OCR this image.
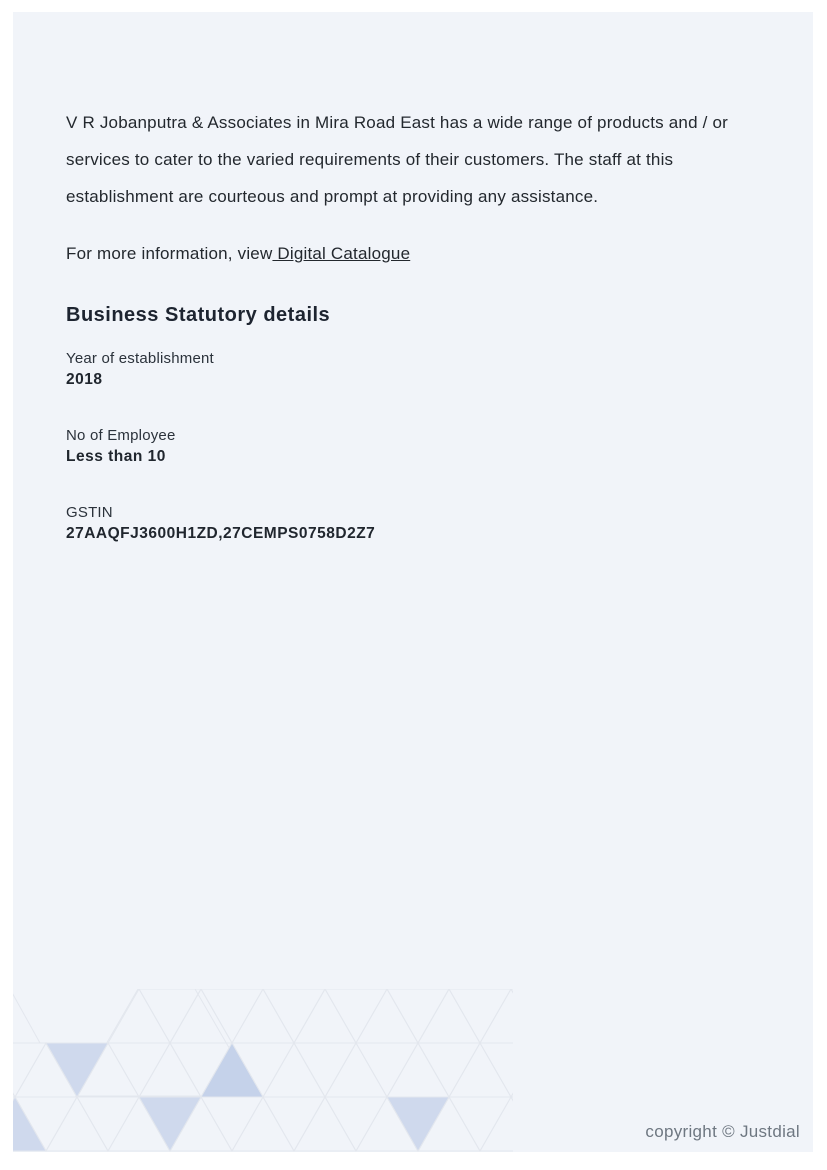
V R Jobanputra & Associates in Mira Road East has a wide range of products and / or
services to cater to the varied requirements of their customers. The staff at this
establishment are courteous and prompt at providing any assistance.
For more information, view Digital Catalogue
Business Statutory details
Year of establishment
2018
No of Employee
Less than 10
GSTIN
27AAQFJ3600H1ZD,27CEMPS0758D2Z7
copyright © Justdial
